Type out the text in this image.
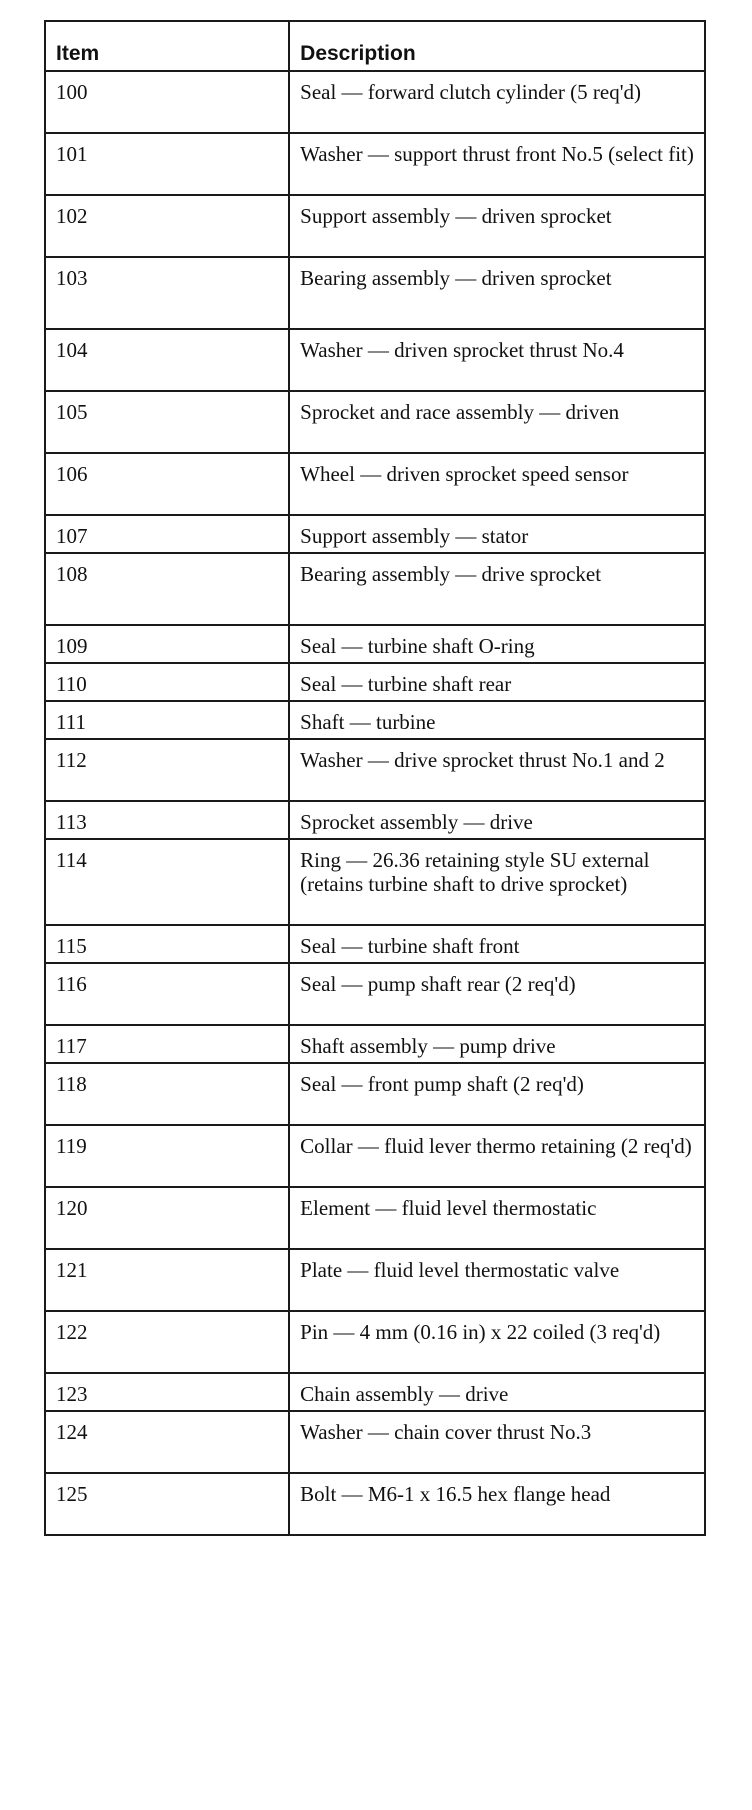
Item	Description
100	Seal — forward clutch cylinder (5 req'd)
101	Washer — support thrust front No.5 (select fit)
102	Support assembly — driven sprocket
103	Bearing assembly — driven sprocket
104	Washer — driven sprocket thrust No.4
105	Sprocket and race assembly — driven
106	Wheel — driven sprocket speed sensor
107	Support assembly — stator
108	Bearing assembly — drive sprocket
109	Seal — turbine shaft O-ring
110	Seal — turbine shaft rear
111	Shaft — turbine
112	Washer — drive sprocket thrust No.1 and 2
113	Sprocket assembly — drive
114	Ring — 26.36 retaining style SU external (retains turbine shaft to drive sprocket)
115	Seal — turbine shaft front
116	Seal — pump shaft rear (2 req'd)
117	Shaft assembly — pump drive
118	Seal — front pump shaft (2 req'd)
119	Collar — fluid lever thermo retaining (2 req'd)
120	Element — fluid level thermostatic
121	Plate — fluid level thermostatic valve
122	Pin — 4 mm (0.16 in) x 22 coiled (3 req'd)
123	Chain assembly — drive
124	Washer — chain cover thrust No.3
125	Bolt — M6-1 x 16.5 hex flange head
